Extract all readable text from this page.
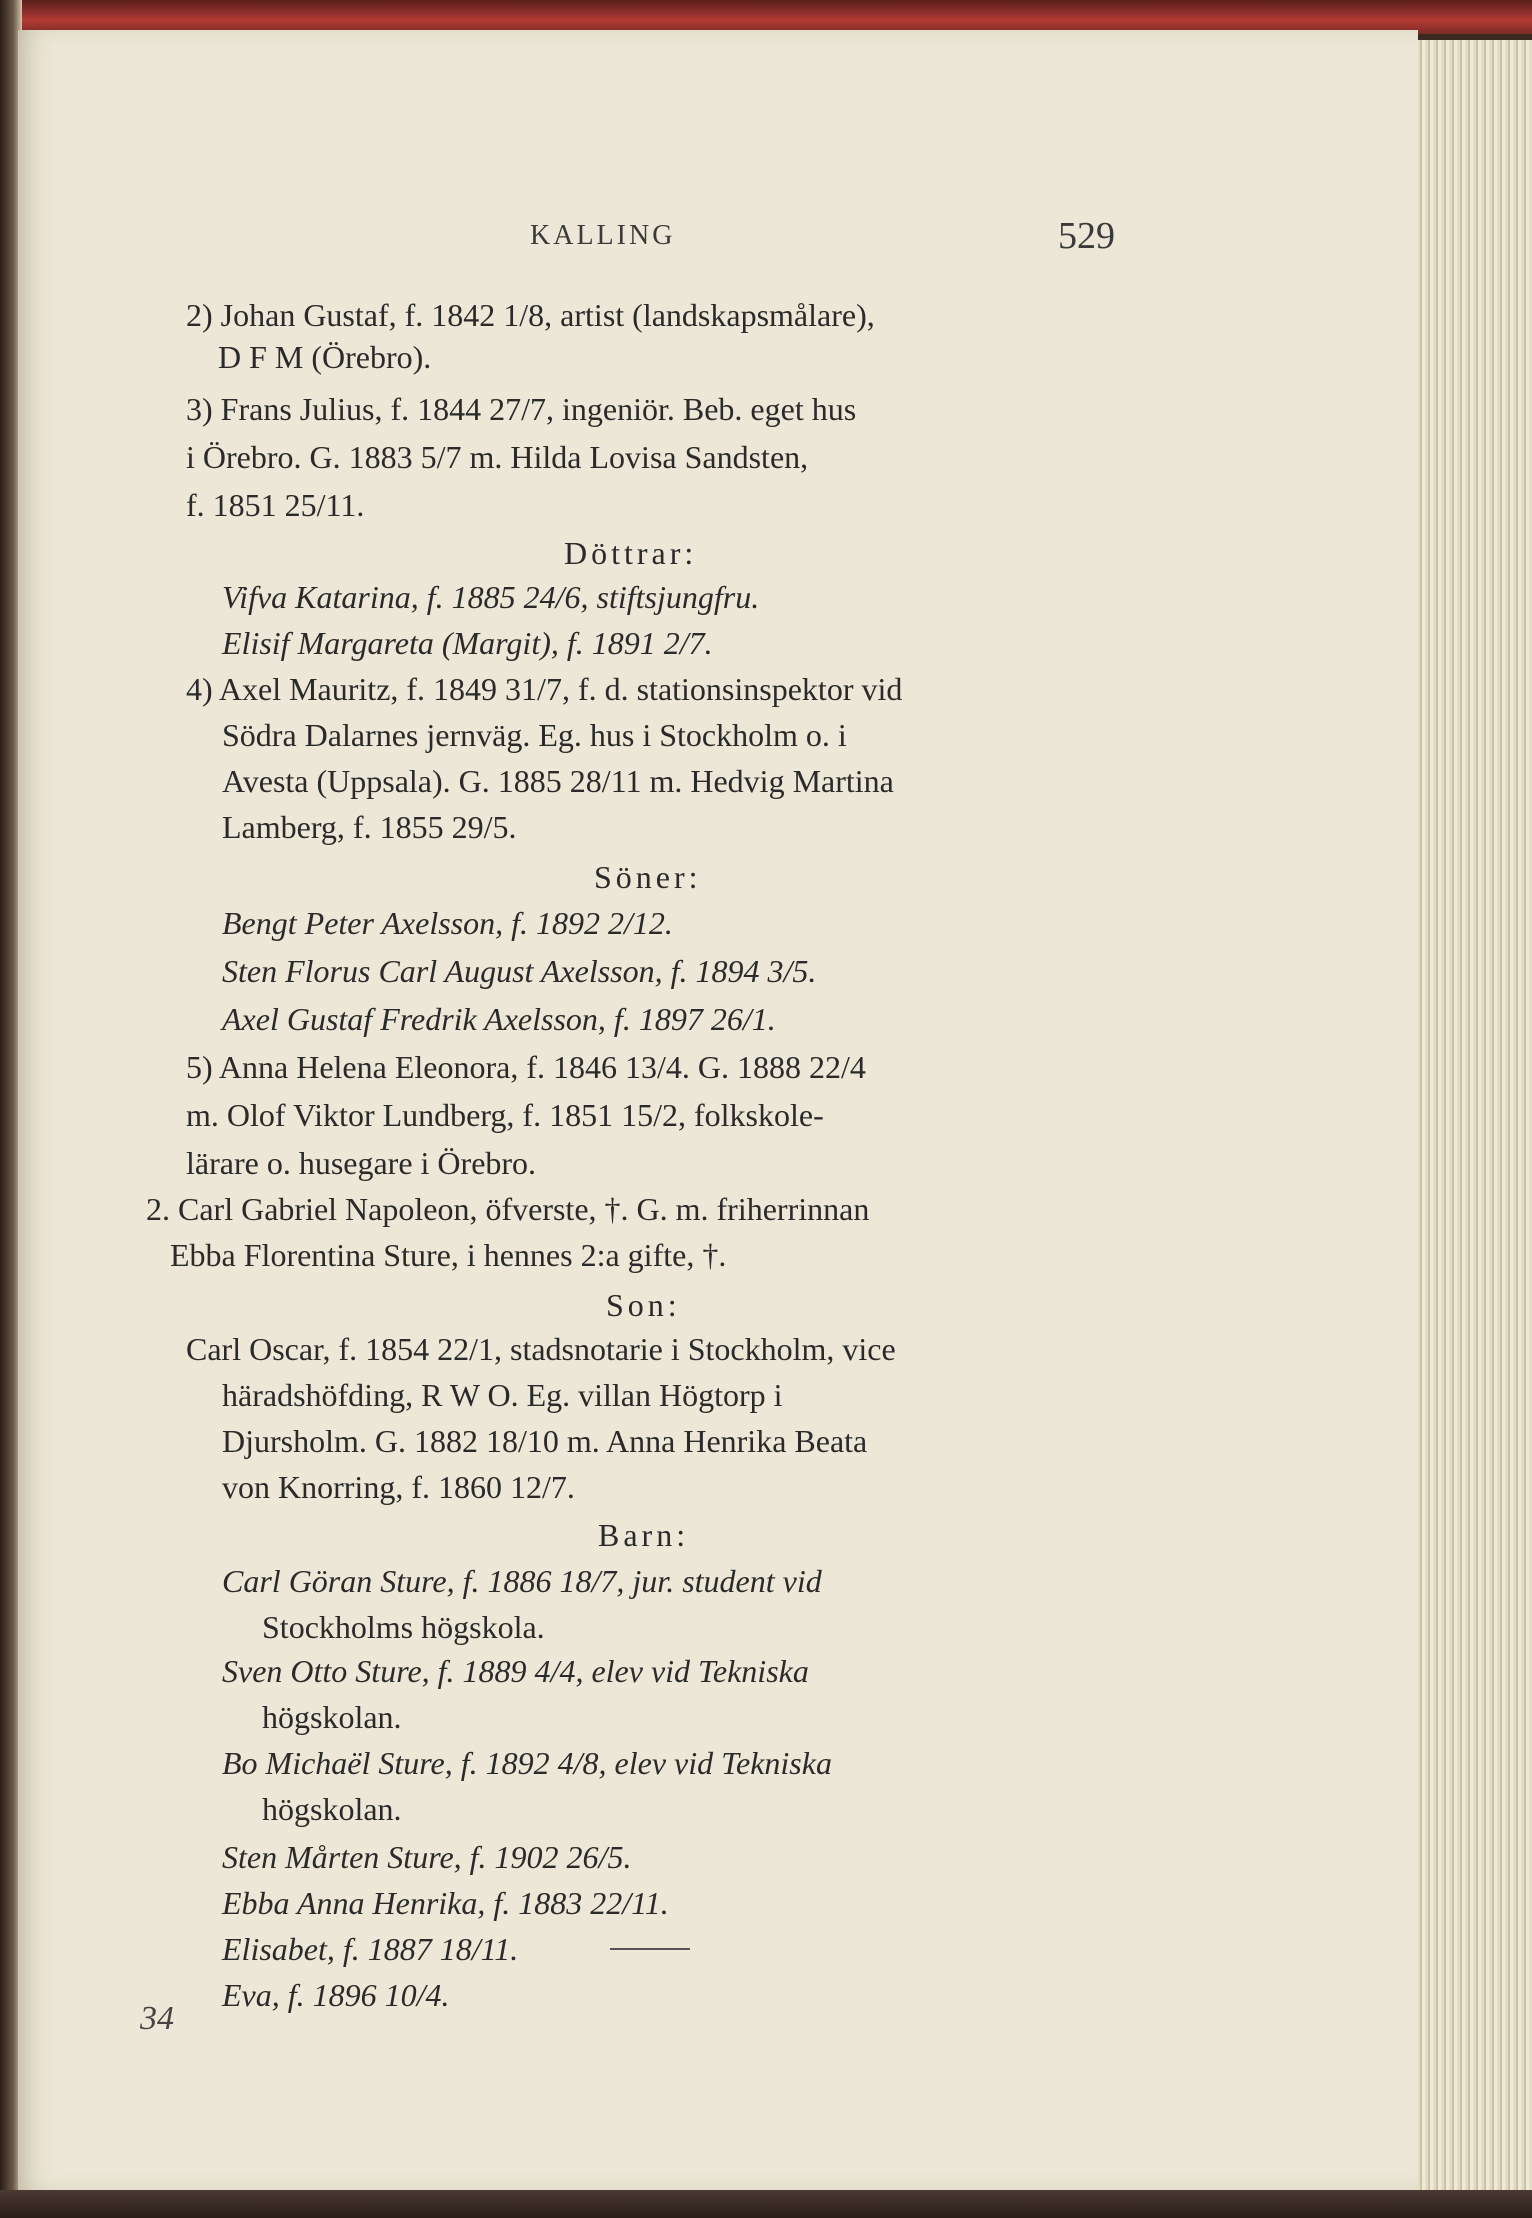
KALLING	529
2) Johan Gustaf, f. 1842 1/8, artist (landskapsmålare),
D F M (Örebro).
3) Frans Julius, f. 1844 27/7, ingeniör. Beb. eget hus
i Örebro. G. 1883 5/7 m. Hilda Lovisa Sandsten,
f. 1851 25/11.
Döttrar:
Vifva Katarina, f. 1885 24/6, stiftsjungfru.
Elisif Margareta (Margit), f. 1891 2/7.
4) Axel Mauritz, f. 1849 31/7, f. d. stationsinspektor vid
Södra Dalarnes jernväg. Eg. hus i Stockholm o. i
Avesta (Uppsala). G. 1885 28/11 m. Hedvig Martina
Lamberg, f. 1855 29/5.
Söner:
Bengt Peter Axelsson, f. 1892 2/12.
Sten Florus Carl August Axelsson, f. 1894 3/5.
Axel Gustaf Fredrik Axelsson, f. 1897 26/1.
5) Anna Helena Eleonora, f. 1846 13/4. G. 1888 22/4
m. Olof Viktor Lundberg, f. 1851 15/2, folkskole-
lärare o. husegare i Örebro.
2. Carl Gabriel Napoleon, öfverste, †. G. m. friherrinnan
Ebba Florentina Sture, i hennes 2:a gifte, †.
Son:
Carl Oscar, f. 1854 22/1, stadsnotarie i Stockholm, vice
häradshöfding, R W O. Eg. villan Högtorp i
Djursholm. G. 1882 18/10 m. Anna Henrika Beata
von Knorring, f. 1860 12/7.
Barn:
Carl Göran Sture, f. 1886 18/7, jur. student vid
Stockholms högskola.
Sven Otto Sture, f. 1889 4/4, elev vid Tekniska
högskolan.
Bo Michaël Sture, f. 1892 4/8, elev vid Tekniska
högskolan.
Sten Mårten Sture, f. 1902 26/5.
Ebba Anna Henrika, f. 1883 22/11.
Elisabet, f. 1887 18/11.
Eva, f. 1896 10/4.
34
